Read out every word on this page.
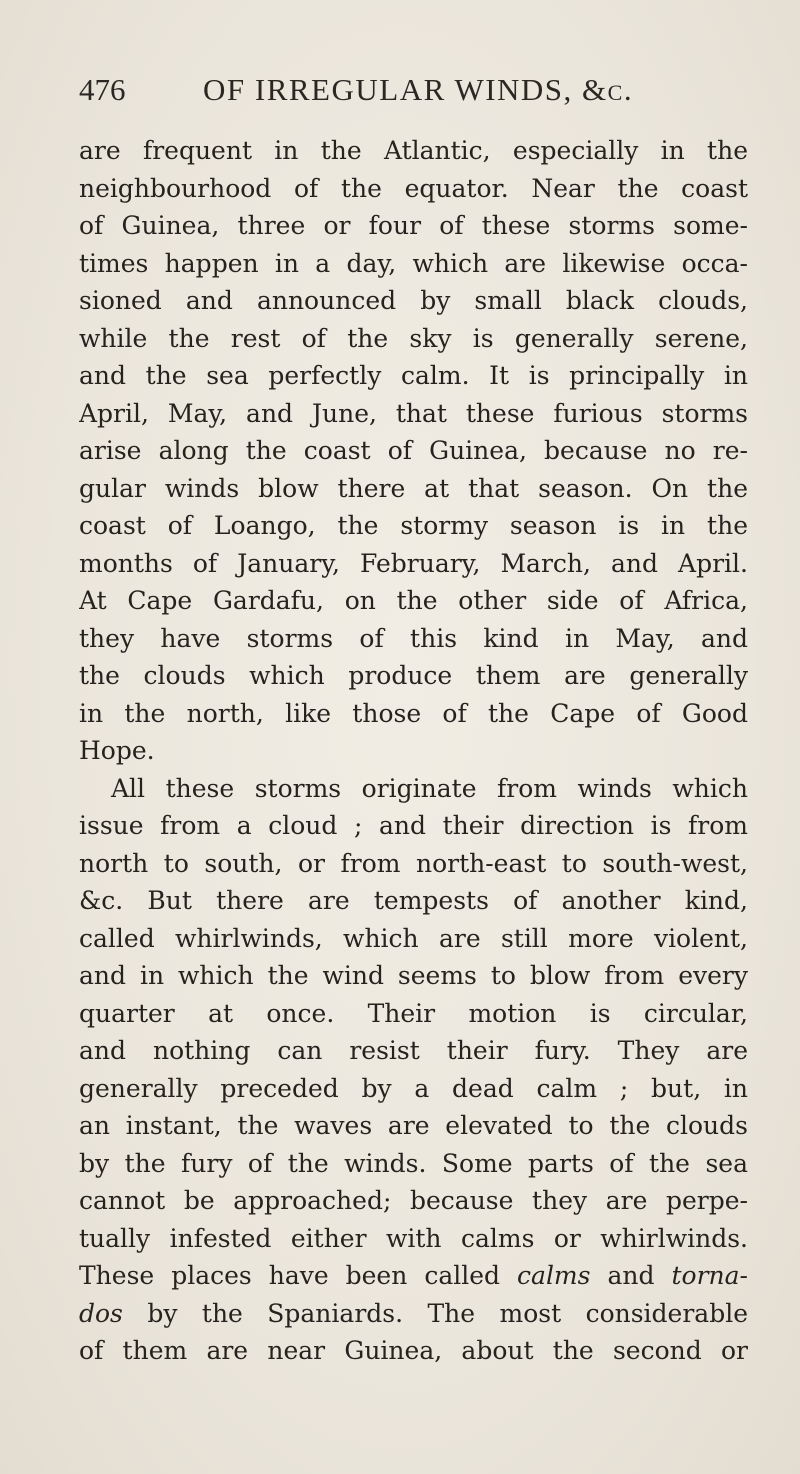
476	OF IRREGULAR WINDS, &c.
are frequent in the Atlantic, especially in the
neighbourhood of the equator. Near the coast
of Guinea, three or four of these storms some-
times happen in a day, which are likewise occa-
sioned and announced by small black clouds,
while the rest of the sky is generally serene,
and the sea perfectly calm. It is principally in
April, May, and June, that these furious storms
arise along the coast of Guinea, because no re-
gular winds blow there at that season. On the
coast of Loango, the stormy season is in the
months of January, February, March, and April.
At Cape Gardafu, on the other side of Africa,
they have storms of this kind in May, and
the clouds which produce them are generally
in the north, like those of the Cape of Good
Hope.
All these storms originate from winds which
issue from a cloud ; and their direction is from
north to south, or from north-east to south-west,
&c. But there are tempests of another kind,
called whirlwinds, which are still more violent,
and in which the wind seems to blow from every
quarter at once. Their motion is circular,
and nothing can resist their fury. They are
generally preceded by a dead calm ; but, in
an instant, the waves are elevated to the clouds
by the fury of the winds. Some parts of the sea
cannot be approached; because they are perpe-
tually infested either with calms or whirlwinds.
These places have been called calms and torna-
dos by the Spaniards. The most considerable
of them are near Guinea, about the second or
